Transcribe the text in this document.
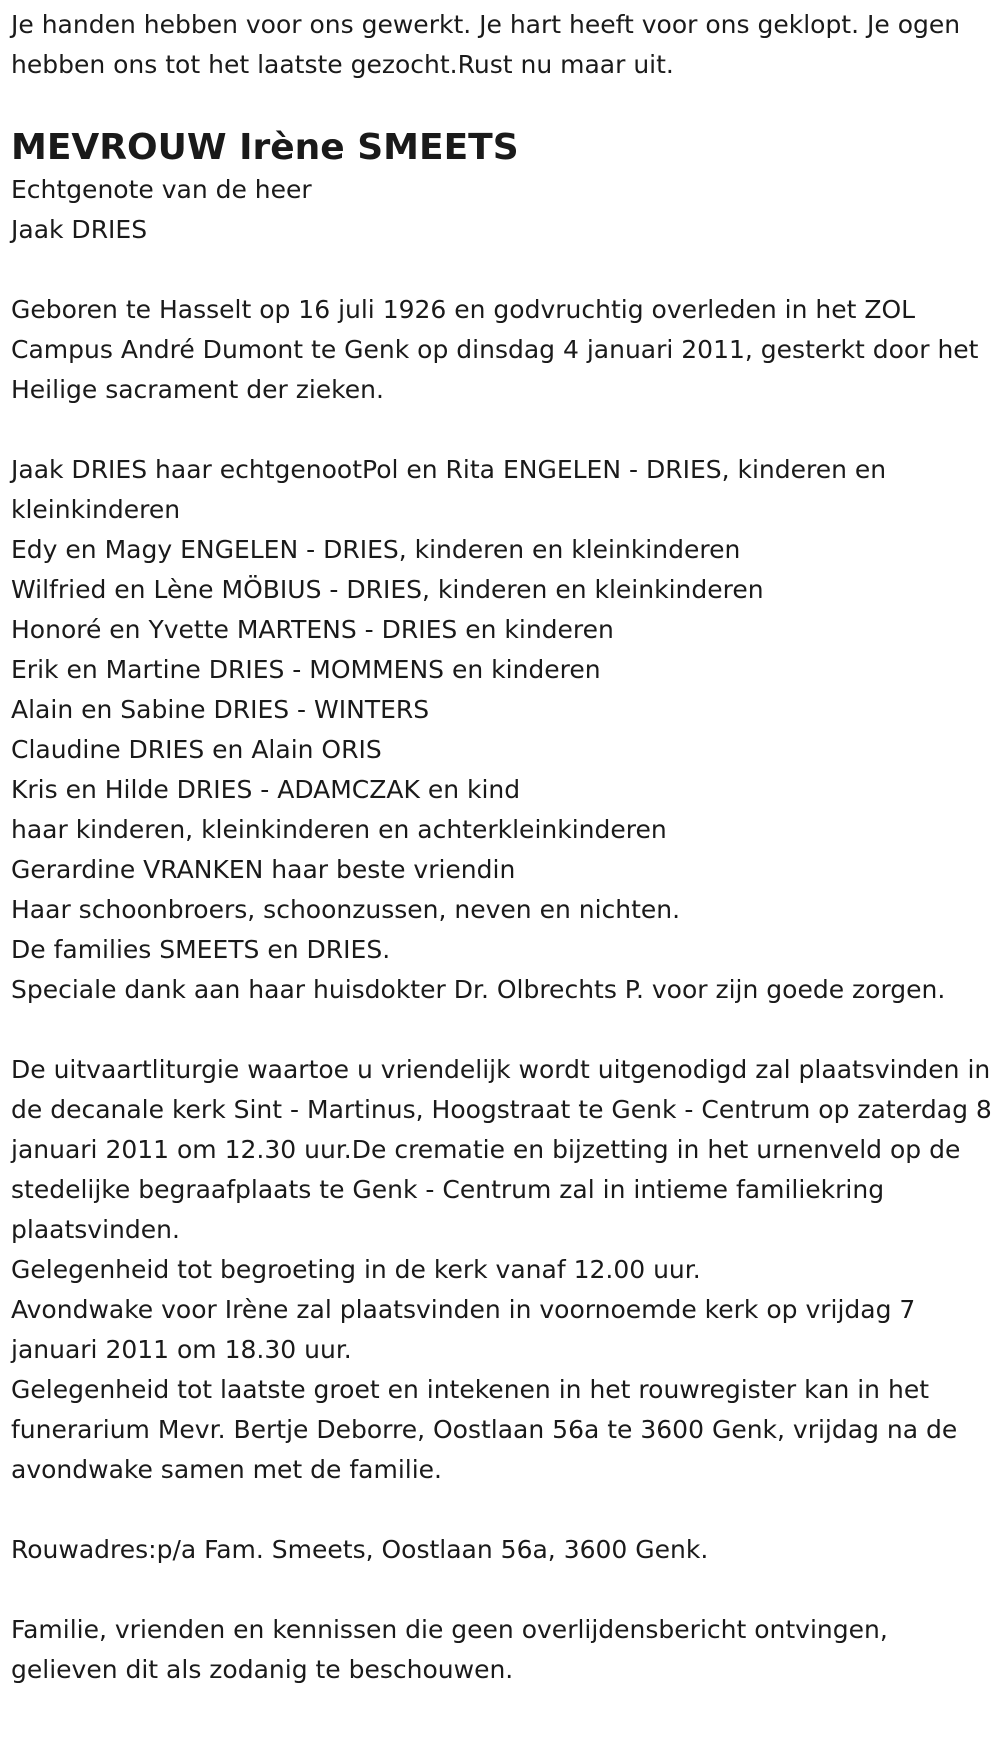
Je handen hebben voor ons gewerkt. Je hart heeft voor ons geklopt. Je ogen hebben ons tot het laatste gezocht.Rust nu maar uit.

MEVROUW Irène SMEETS

Echtgenote van de heer

Jaak DRIES

Geboren te Hasselt op 16 juli 1926 en godvruchtig overleden in het ZOL Campus André Dumont te Genk op dinsdag 4 januari 2011, gesterkt door het Heilige sacrament der zieken.

Jaak DRIES haar echtgenootPol en Rita ENGELEN - DRIES, kinderen en kleinkinderen

Edy en Magy ENGELEN - DRIES, kinderen en kleinkinderen

Wilfried en Lène MÖBIUS - DRIES, kinderen en kleinkinderen

Honoré en Yvette MARTENS - DRIES en kinderen

Erik en Martine DRIES - MOMMENS en kinderen

Alain en Sabine DRIES - WINTERS

Claudine DRIES en Alain ORIS

Kris en Hilde DRIES - ADAMCZAK en kind

haar kinderen, kleinkinderen en achterkleinkinderen

Gerardine VRANKEN haar beste vriendin

Haar schoonbroers, schoonzussen, neven en nichten.

De families SMEETS en DRIES.

Speciale dank aan haar huisdokter Dr. Olbrechts P. voor zijn goede zorgen.

De uitvaartliturgie waartoe u vriendelijk wordt uitgenodigd zal plaatsvinden in de decanale kerk Sint - Martinus, Hoogstraat te Genk - Centrum op zaterdag 8 januari 2011 om 12.30 uur.De crematie en bijzetting in het urnenveld op de stedelijke begraafplaats te Genk - Centrum zal in intieme familiekring plaatsvinden.

Gelegenheid tot begroeting in de kerk vanaf 12.00 uur.

Avondwake voor Irène zal plaatsvinden in voornoemde kerk op vrijdag 7 januari 2011 om 18.30 uur.

Gelegenheid tot laatste groet en intekenen in het rouwregister kan in het funerarium Mevr. Bertje Deborre, Oostlaan 56a te 3600 Genk, vrijdag na de avondwake samen met de familie.

Rouwadres:p/a Fam. Smeets, Oostlaan 56a, 3600 Genk.

Familie, vrienden en kennissen die geen overlijdensbericht ontvingen, gelieven dit als zodanig te beschouwen.
